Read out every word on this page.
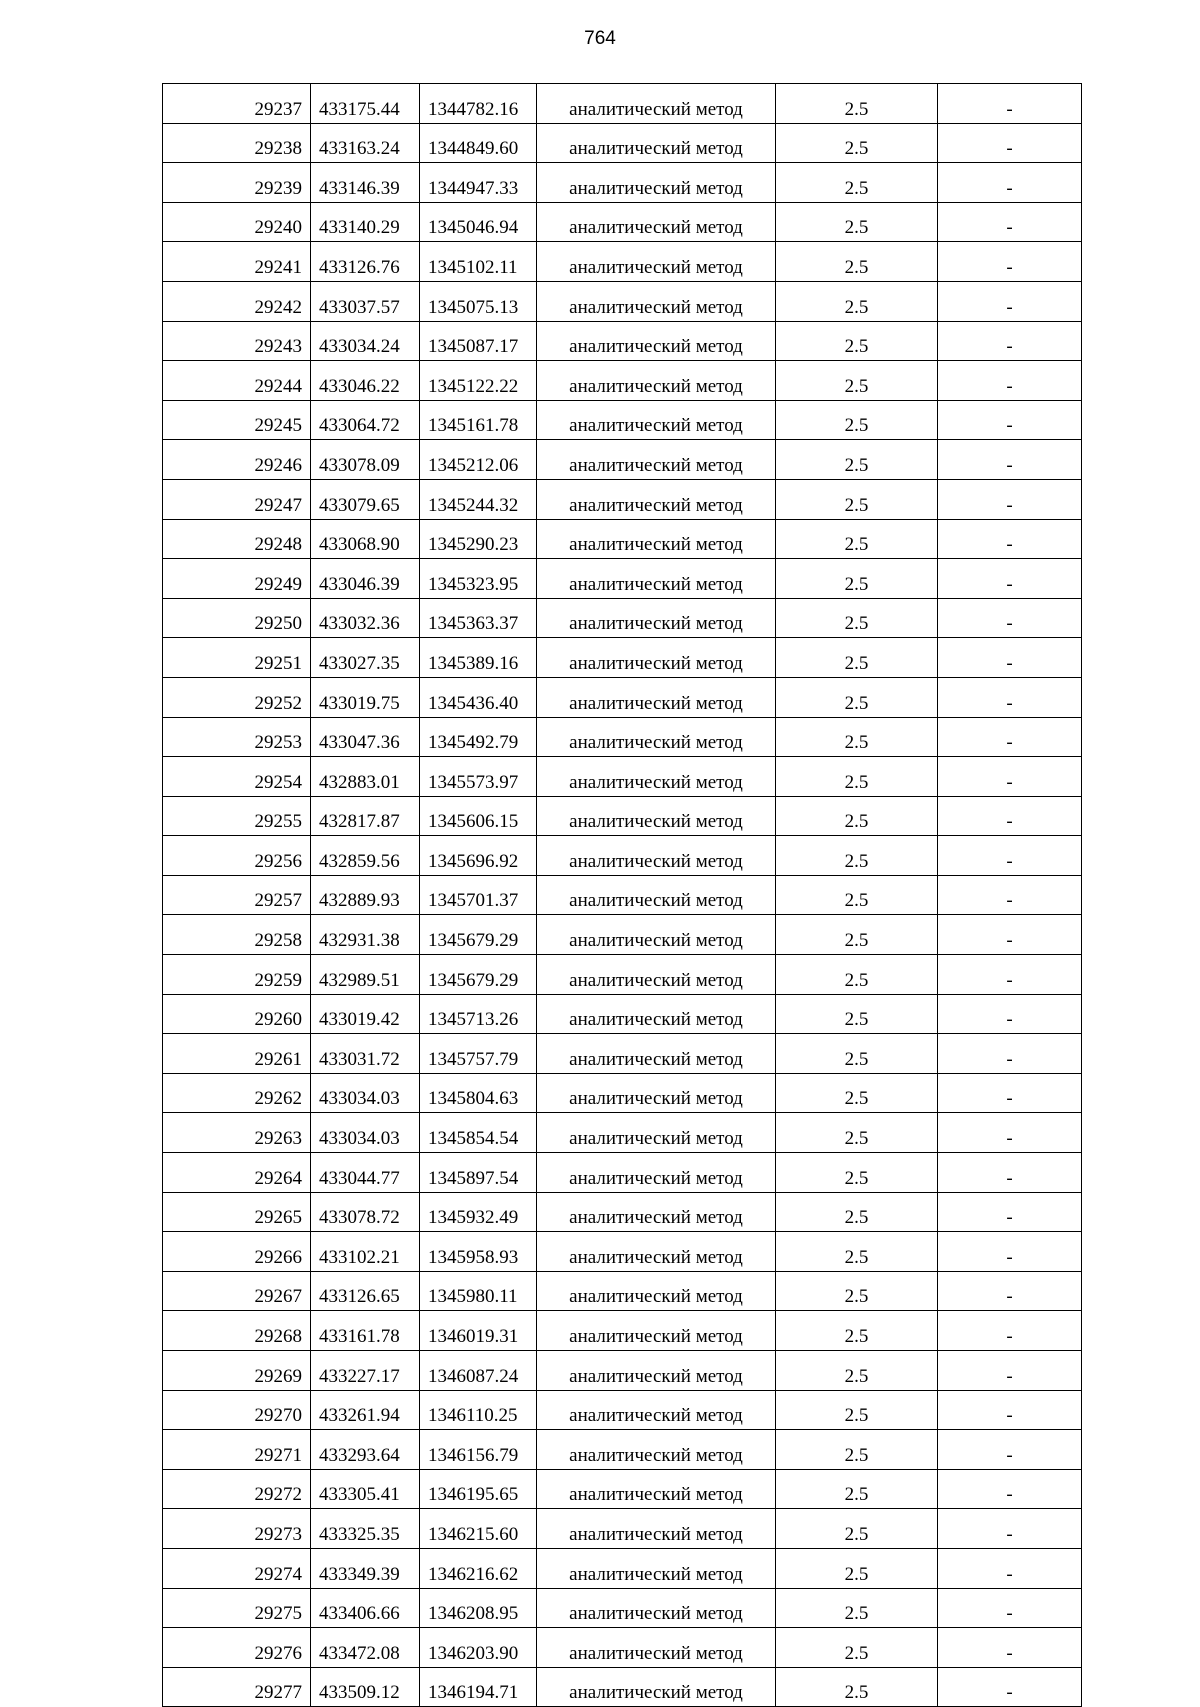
764
29237	433175.44	1344782.16	аналитический метод	2.5	-
29238	433163.24	1344849.60	аналитический метод	2.5	-
29239	433146.39	1344947.33	аналитический метод	2.5	-
29240	433140.29	1345046.94	аналитический метод	2.5	-
29241	433126.76	1345102.11	аналитический метод	2.5	-
29242	433037.57	1345075.13	аналитический метод	2.5	-
29243	433034.24	1345087.17	аналитический метод	2.5	-
29244	433046.22	1345122.22	аналитический метод	2.5	-
29245	433064.72	1345161.78	аналитический метод	2.5	-
29246	433078.09	1345212.06	аналитический метод	2.5	-
29247	433079.65	1345244.32	аналитический метод	2.5	-
29248	433068.90	1345290.23	аналитический метод	2.5	-
29249	433046.39	1345323.95	аналитический метод	2.5	-
29250	433032.36	1345363.37	аналитический метод	2.5	-
29251	433027.35	1345389.16	аналитический метод	2.5	-
29252	433019.75	1345436.40	аналитический метод	2.5	-
29253	433047.36	1345492.79	аналитический метод	2.5	-
29254	432883.01	1345573.97	аналитический метод	2.5	-
29255	432817.87	1345606.15	аналитический метод	2.5	-
29256	432859.56	1345696.92	аналитический метод	2.5	-
29257	432889.93	1345701.37	аналитический метод	2.5	-
29258	432931.38	1345679.29	аналитический метод	2.5	-
29259	432989.51	1345679.29	аналитический метод	2.5	-
29260	433019.42	1345713.26	аналитический метод	2.5	-
29261	433031.72	1345757.79	аналитический метод	2.5	-
29262	433034.03	1345804.63	аналитический метод	2.5	-
29263	433034.03	1345854.54	аналитический метод	2.5	-
29264	433044.77	1345897.54	аналитический метод	2.5	-
29265	433078.72	1345932.49	аналитический метод	2.5	-
29266	433102.21	1345958.93	аналитический метод	2.5	-
29267	433126.65	1345980.11	аналитический метод	2.5	-
29268	433161.78	1346019.31	аналитический метод	2.5	-
29269	433227.17	1346087.24	аналитический метод	2.5	-
29270	433261.94	1346110.25	аналитический метод	2.5	-
29271	433293.64	1346156.79	аналитический метод	2.5	-
29272	433305.41	1346195.65	аналитический метод	2.5	-
29273	433325.35	1346215.60	аналитический метод	2.5	-
29274	433349.39	1346216.62	аналитический метод	2.5	-
29275	433406.66	1346208.95	аналитический метод	2.5	-
29276	433472.08	1346203.90	аналитический метод	2.5	-
29277	433509.12	1346194.71	аналитический метод	2.5	-
